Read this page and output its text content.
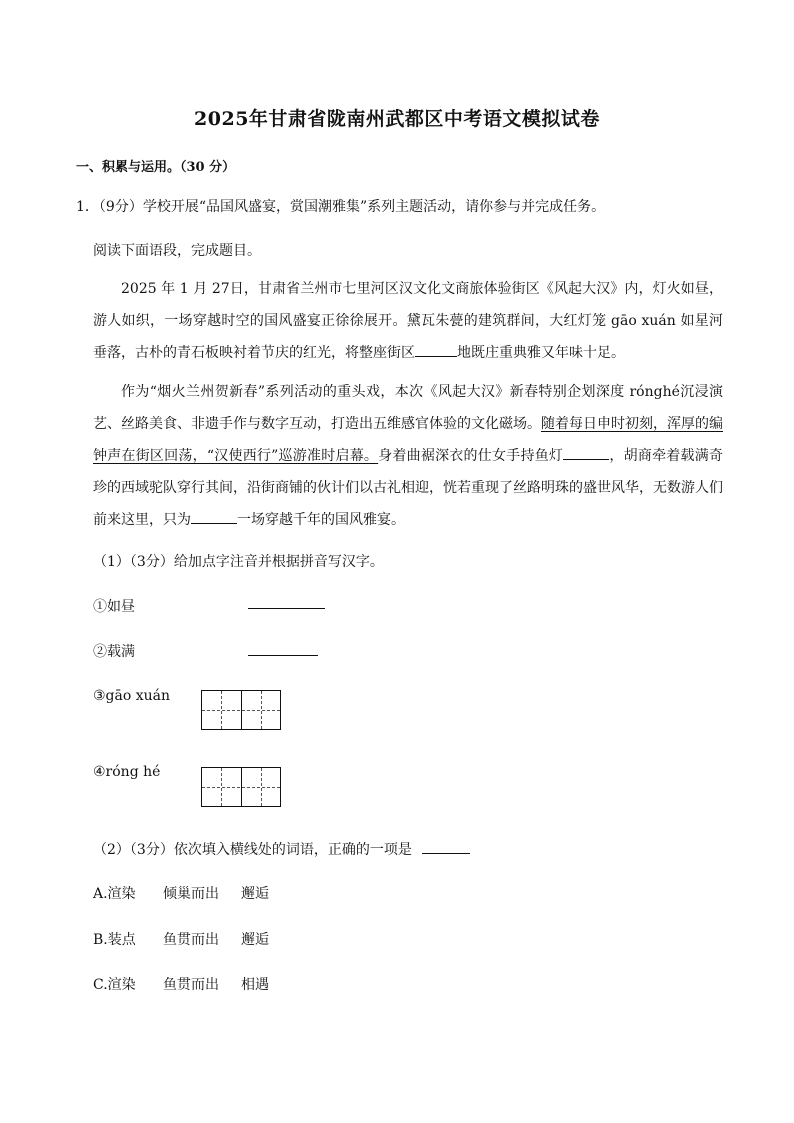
2025年甘肃省陇南州武都区中考语文模拟试卷
一、积累与运用。（30 分）
1．（9分）学校开展“品国风盛宴，赏国潮雅集”系列主题活动，请你参与并完成任务。
阅读下面语段，完成题目。
2025 年 1 月 27日，甘肃省兰州市七里河区汉文化文商旅体验街区《风起大汉》内，灯火如昼，游人如织，一场穿越时空的国风盛宴正徐徐展开。黛瓦朱甍的建筑群间，大红灯笼 gāo xuán 如星河垂落，古朴的青石板映衬着节庆的红光，将整座街区	地既庄重典雅又年味十足。
作为“烟火兰州贺新春”系列活动的重头戏，本次《风起大汉》新春特别企划深度 rónghé沉浸演艺、丝路美食、非遗手作与数字互动，打造出五维感官体验的文化磁场。随着每日申时初刻，浑厚的编钟声在街区回荡，“汉使西行”巡游准时启幕。身着曲裾深衣的仕女手持鱼灯	，胡商牵着载满奇珍的西域驼队穿行其间，沿街商铺的伙计们以古礼相迎，恍若重现了丝路明珠的盛世风华，无数游人们前来这里，只为	一场穿越千年的国风雅宴。
（1）（3分）给加点字注音并根据拼音写汉字。
①如昼
②载满
③gāo xuán
④róng hé
（2）（3分）依次填入横线处的词语，正确的一项是
A.渲染 倾巢而出 邂逅
B.装点 鱼贯而出 邂逅
C.渲染 鱼贯而出 相遇
